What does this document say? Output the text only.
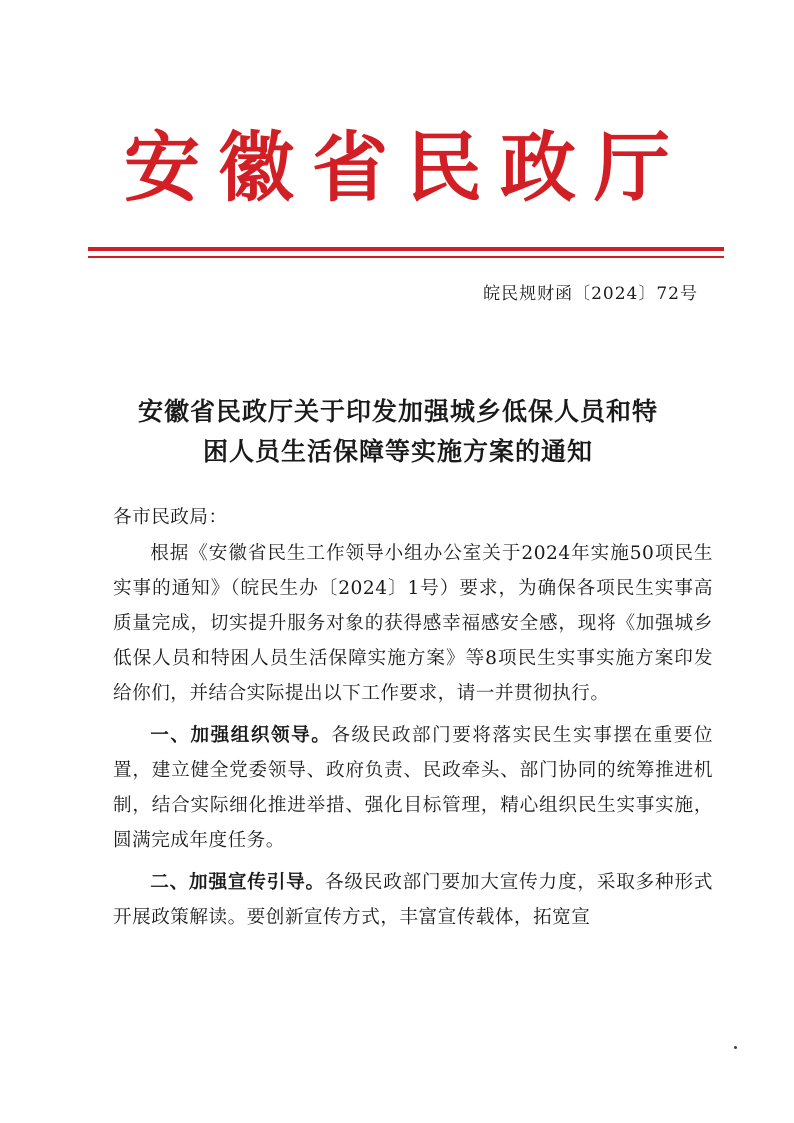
安徽省民政厅
皖民规财函〔2024〕72号
安徽省民政厅关于印发加强城乡低保人员和特
困人员生活保障等实施方案的通知

各市民政局：

根据《安徽省民生工作领导小组办公室关于2024年实施50项民生实事的通知》（皖民生办〔2024〕1号）要求，为确保各项民生实事高质量完成，切实提升服务对象的获得感幸福感安全感，现将《加强城乡低保人员和特困人员生活保障实施方案》等8项民生实事实施方案印发给你们，并结合实际提出以下工作要求，请一并贯彻执行。

一、加强组织领导。各级民政部门要将落实民生实事摆在重要位置，建立健全党委领导、政府负责、民政牵头、部门协同的统筹推进机制，结合实际细化推进举措、强化目标管理，精心组织民生实事实施，圆满完成年度任务。

二、加强宣传引导。各级民政部门要加大宣传力度，采取多种形式开展政策解读。要创新宣传方式，丰富宣传载体，拓宽宣
